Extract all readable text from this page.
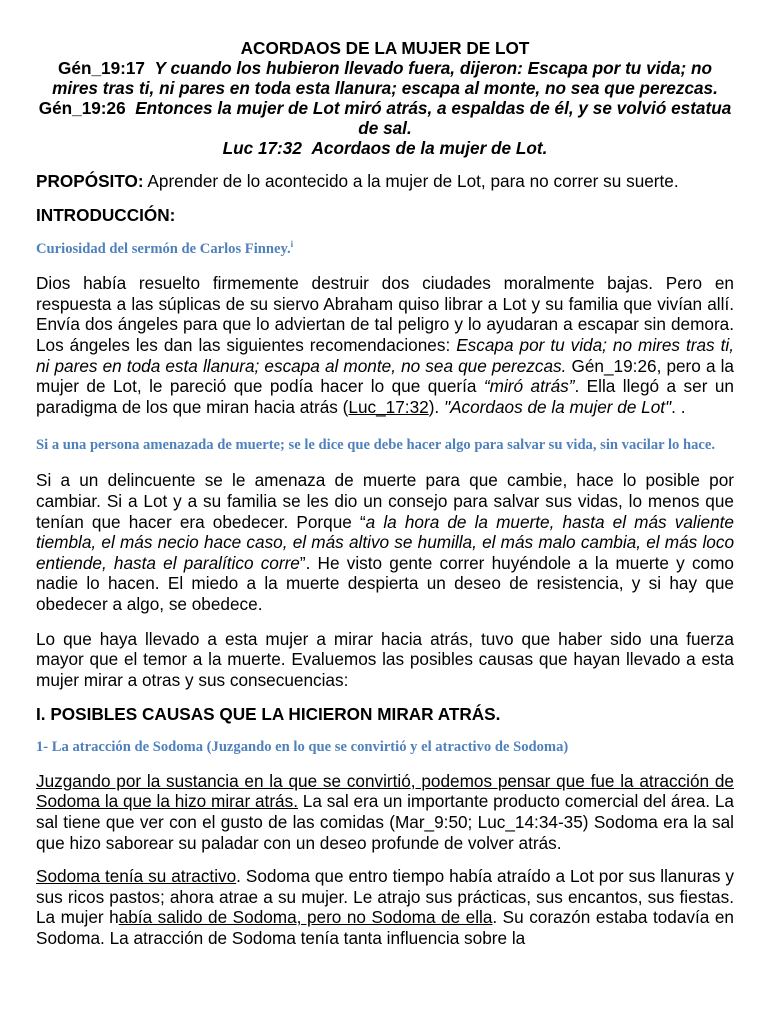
ACORDAOS DE LA MUJER DE LOT
Gén_19:17 Y cuando los hubieron llevado fuera, dijeron: Escapa por tu vida; no mires tras ti, ni pares en toda esta llanura; escapa al monte, no sea que perezcas.
Gén_19:26 Entonces la mujer de Lot miró atrás, a espaldas de él, y se volvió estatua de sal.
Luc 17:32 Acordaos de la mujer de Lot.

PROPÓSITO: Aprender de lo acontecido a la mujer de Lot, para no correr su suerte.

INTRODUCCIÓN:

Curiosidad del sermón de Carlos Finney.$^i$

Dios había resuelto firmemente destruir dos ciudades moralmente bajas. Pero en respuesta a las súplicas de su siervo Abraham quiso librar a Lot y su familia que vivían allí. Envía dos ángeles para que lo adviertan de tal peligro y lo ayudaran a escapar sin demora. Los ángeles les dan las siguientes recomendaciones: Escapa por tu vida; no mires tras ti, ni pares en toda esta llanura; escapa al monte, no sea que perezcas. Gén_19:26, pero a la mujer de Lot, le pareció que podía hacer lo que quería “miró atrás”. Ella llegó a ser un paradigma de los que miran hacia atrás (Luc_17:32). "Acordaos de la mujer de Lot". .

Si a una persona amenazada de muerte; se le dice que debe hacer algo para salvar su vida, sin vacilar lo hace.

Si a un delincuente se le amenaza de muerte para que cambie, hace lo posible por cambiar. Si a Lot y a su familia se les dio un consejo para salvar sus vidas, lo menos que tenían que hacer era obedecer. Porque “a la hora de la muerte, hasta el más valiente tiembla, el más necio hace caso, el más altivo se humilla, el más malo cambia, el más loco entiende, hasta el paralítico corre”. He visto gente correr huyéndole a la muerte y como nadie lo hacen. El miedo a la muerte despierta un deseo de resistencia, y si hay que obedecer a algo, se obedece.

Lo que haya llevado a esta mujer a mirar hacia atrás, tuvo que haber sido una fuerza mayor que el temor a la muerte. Evaluemos las posibles causas que hayan llevado a esta mujer mirar a otras y sus consecuencias:

I. POSIBLES CAUSAS QUE LA HICIERON MIRAR ATRÁS.

1- La atracción de Sodoma (Juzgando en lo que se convirtió y el atractivo de Sodoma)

Juzgando por la sustancia en la que se convirtió, podemos pensar que fue la atracción de Sodoma la que la hizo mirar atrás. La sal era un importante producto comercial del área. La sal tiene que ver con el gusto de las comidas (Mar_9:50; Luc_14:34-35) Sodoma era la sal que hizo saborear su paladar con un deseo profunde de volver atrás.

Sodoma tenía su atractivo. Sodoma que entro tiempo había atraído a Lot por sus llanuras y sus ricos pastos; ahora atrae a su mujer. Le atrajo sus prácticas, sus encantos, sus fiestas. La mujer había salido de Sodoma, pero no Sodoma de ella. Su corazón estaba todavía en Sodoma. La atracción de Sodoma tenía tanta influencia sobre la
